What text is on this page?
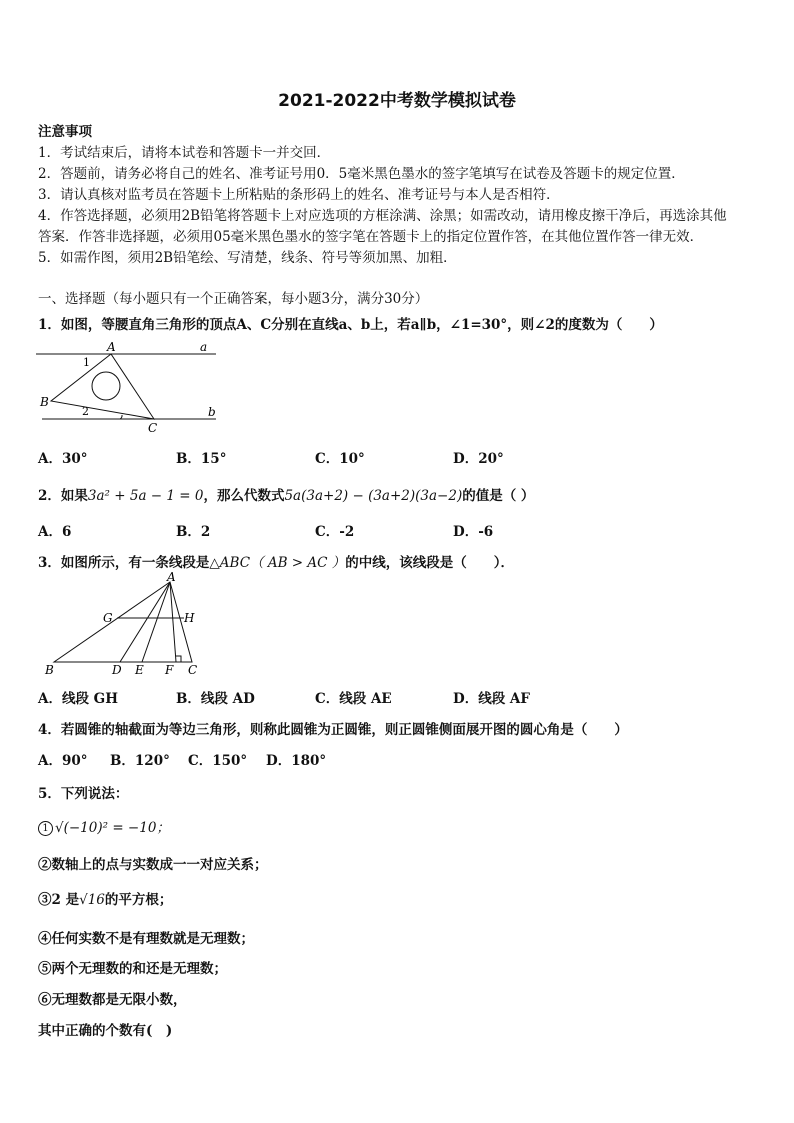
2021-2022中考数学模拟试卷
注意事项
1．考试结束后，请将本试卷和答题卡一并交回．
2．答题前，请务必将自己的姓名、准考证号用0．5毫米黑色墨水的签字笔填写在试卷及答题卡的规定位置．
3．请认真核对监考员在答题卡上所粘贴的条形码上的姓名、准考证号与本人是否相符．
4．作答选择题，必须用2B铅笔将答题卡上对应选项的方框涂满、涂黑；如需改动，请用橡皮擦干净后，再选涂其他
答案．作答非选择题，必须用05毫米黑色墨水的签字笔在答题卡上的指定位置作答，在其他位置作答一律无效．
5．如需作图，须用2B铅笔绘、写清楚，线条、符号等须加黑、加粗．
一、选择题（每小题只有一个正确答案，每小题3分，满分30分）
1．如图，等腰直角三角形的顶点A、C分别在直线a、b上，若a∥b，∠1=30°，则∠2的度数为（　　）
A	a
B
b
C
1
2
A．30°	B．15°	C．10°	D．20°
2．如果3a² + 5a − 1 = 0，那么代数式5a(3a+2) − (3a+2)(3a−2)的值是（ ）
A．6	B．2	C．-2	D．-6
3．如图所示，有一条线段是△ABC（ AB > AC ）的中线，该线段是（　　）．
A
G	H
B	D E F C
A．线段 GH	B．线段 AD	C．线段 AE	D．线段 AF
4．若圆锥的轴截面为等边三角形，则称此圆锥为正圆锥，则正圆锥侧面展开图的圆心角是（　　）
A．90° B．120° C．150° D．180°
5．下列说法：
1 √(−10)² = −10；
②数轴上的点与实数成一一对应关系；
③2 是√16的平方根；
④任何实数不是有理数就是无理数；
⑤两个无理数的和还是无理数；
⑥无理数都是无限小数，
其中正确的个数有(　)
